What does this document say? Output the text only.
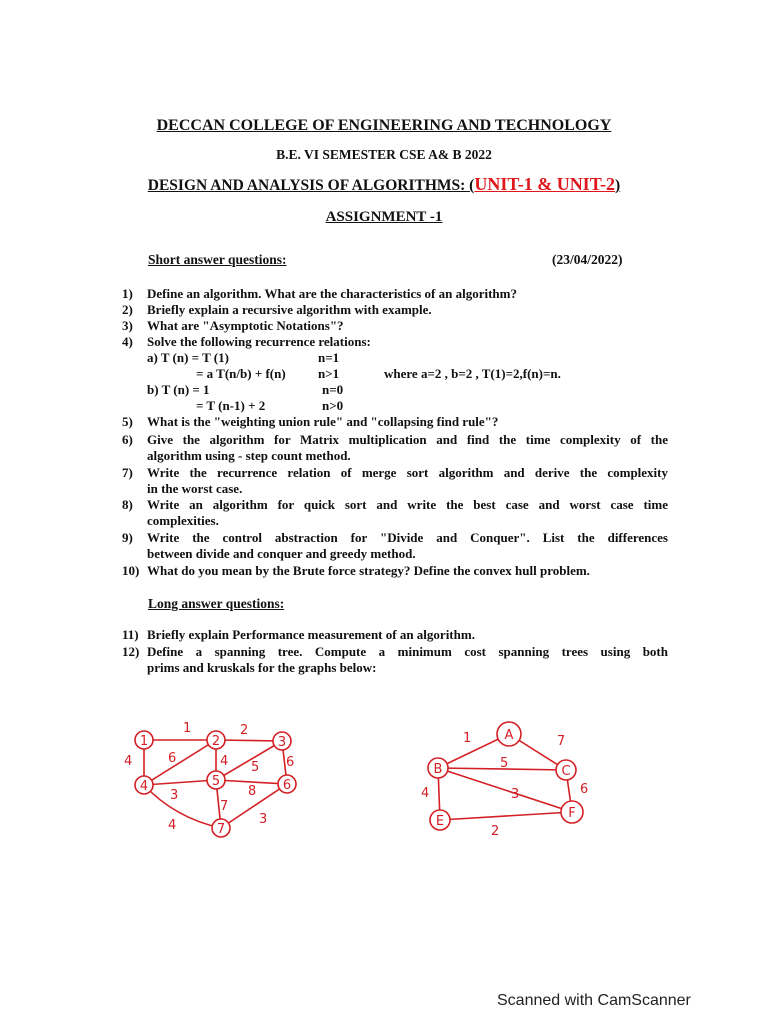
DECCAN COLLEGE OF ENGINEERING AND TECHNOLOGY
B.E. VI SEMESTER CSE A& B 2022
DESIGN AND ANALYSIS OF ALGORITHMS: (UNIT-1 & UNIT-2)
ASSIGNMENT -1
Short answer questions:	(23/04/2022)
1) Define an algorithm. What are the characteristics of an algorithm?
2) Briefly explain a recursive algorithm with example.
3) What are "Asymptotic Notations"?
4) Solve the following recurrence relations:
a) T (n) = T (1)	n=1
= a T(n/b) + f(n) n>1	where a=2 , b=2 , T(1)=2,f(n)=n.
b) T (n) = 1	n=0
= T (n-1) + 2	n>0
5) What is the "weighting union rule" and "collapsing find rule"?
6) Give the algorithm for Matrix multiplication and find the time complexity of the
algorithm using - step count method.
7) Write the recurrence relation of merge sort algorithm and derive the complexity
in the worst case.
8) Write an algorithm for quick sort and write the best case and worst case time
complexities.
9) Write the control abstraction for "Divide and Conquer". List the differences
between divide and conquer and greedy method.
10) What do you mean by the Brute force strategy? Define the convex hull problem.
Long answer questions:
11) Briefly explain Performance measurement of an algorithm.
12) Define a spanning tree. Compute a minimum cost spanning trees using both
prims and kruskals for the graphs below:
1	2	3
4	5	6
7
1	2
4	6	4 5 6
3	8
7
4	3
A
B	C
E
F
1	7
5
4	3	6
2
Scanned with CamScanner
